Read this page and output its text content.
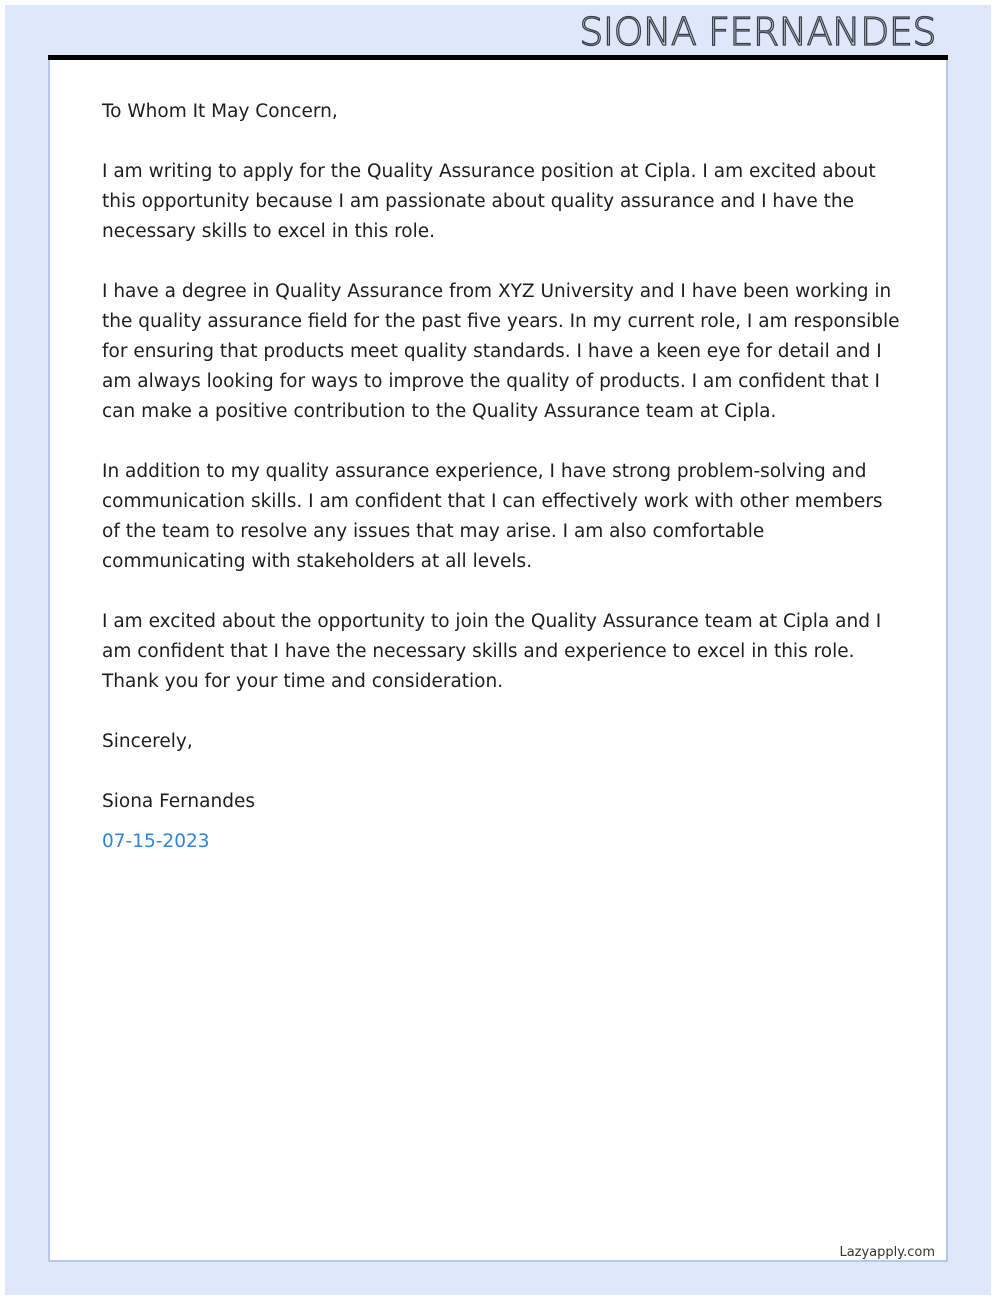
SIONA FERNANDES

To Whom It May Concern,

I am writing to apply for the Quality Assurance position at Cipla. I am excited about this opportunity because I am passionate about quality assurance and I have the necessary skills to excel in this role.

I have a degree in Quality Assurance from XYZ University and I have been working in the quality assurance field for the past five years. In my current role, I am responsible for ensuring that products meet quality standards. I have a keen eye for detail and I am always looking for ways to improve the quality of products. I am confident that I can make a positive contribution to the Quality Assurance team at Cipla.

In addition to my quality assurance experience, I have strong problem-solving and communication skills. I am confident that I can effectively work with other members of the team to resolve any issues that may arise. I am also comfortable communicating with stakeholders at all levels.

I am excited about the opportunity to join the Quality Assurance team at Cipla and I am confident that I have the necessary skills and experience to excel in this role. Thank you for your time and consideration.

Sincerely,

Siona Fernandes

07-15-2023

Lazyapply.com
